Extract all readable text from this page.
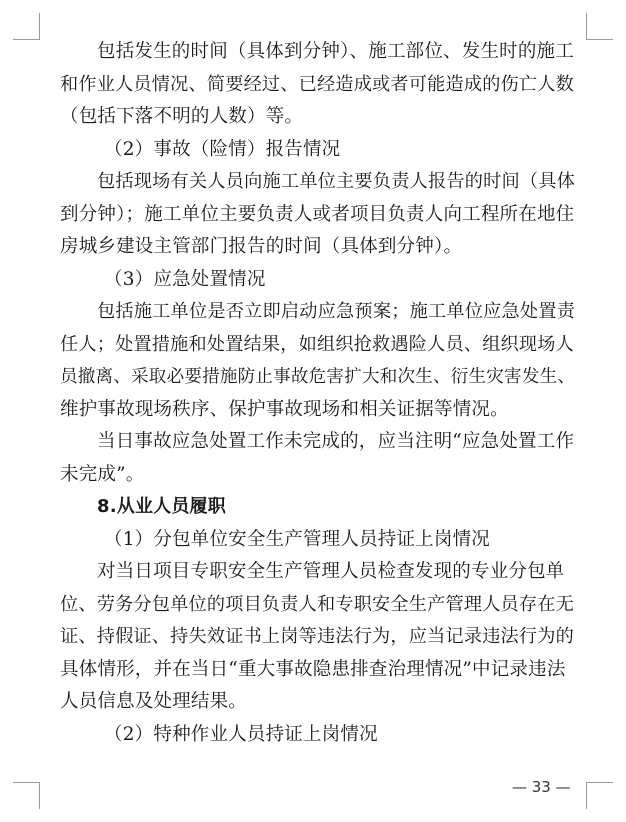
包括发生的时间（具体到分钟）、施工部位、发生时的施工
和作业人员情况、简要经过、已经造成或者可能造成的伤亡人数
（包括下落不明的人数）等。
（2）事故（险情）报告情况
包括现场有关人员向施工单位主要负责人报告的时间（具体
到分钟）；施工单位主要负责人或者项目负责人向工程所在地住
房城乡建设主管部门报告的时间（具体到分钟）。
（3）应急处置情况
包括施工单位是否立即启动应急预案；施工单位应急处置责
任人；处置措施和处置结果，如组织抢救遇险人员、组织现场人
员撤离、采取必要措施防止事故危害扩大和次生、衍生灾害发生、
维护事故现场秩序、保护事故现场和相关证据等情况。
当日事故应急处置工作未完成的，应当注明“应急处置工作
未完成”。
8.从业人员履职
（1）分包单位安全生产管理人员持证上岗情况
对当日项目专职安全生产管理人员检查发现的专业分包单
位、劳务分包单位的项目负责人和专职安全生产管理人员存在无
证、持假证、持失效证书上岗等违法行为，应当记录违法行为的
具体情形，并在当日“重大事故隐患排查治理情况”中记录违法
人员信息及处理结果。
（2）特种作业人员持证上岗情况
— 33 —
